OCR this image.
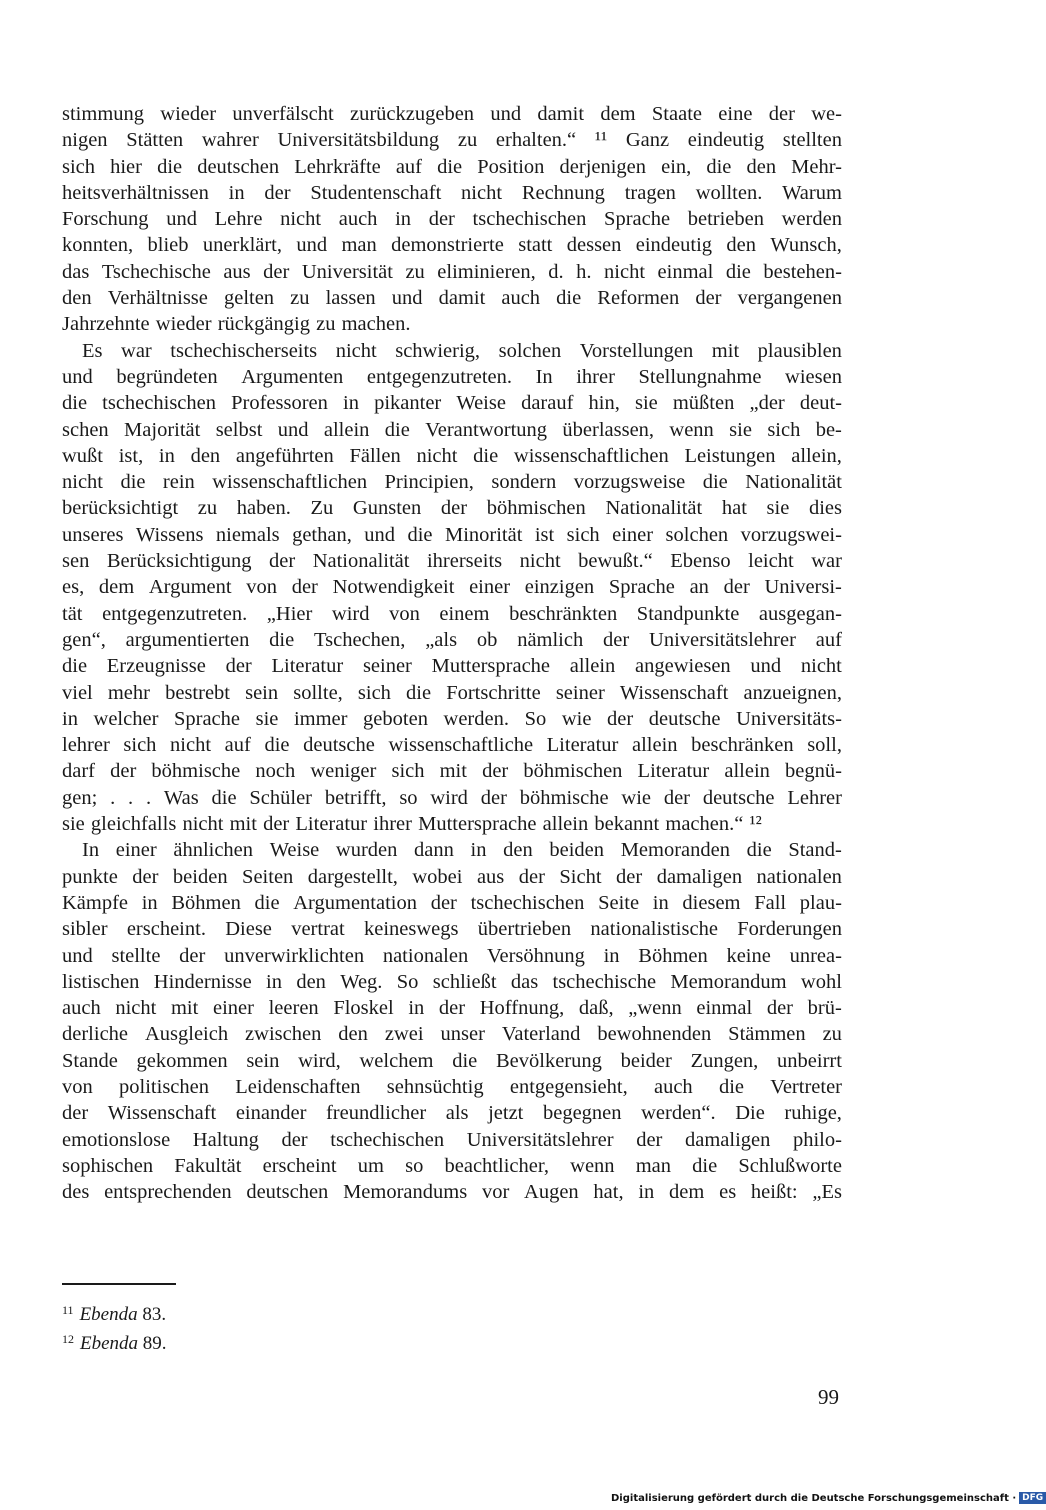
stimmung wieder unverfälscht zurückzugeben und damit dem Staate eine der we-
nigen Stätten wahrer Universitätsbildung zu erhalten.“ ¹¹ Ganz eindeutig stellten
sich hier die deutschen Lehrkräfte auf die Position derjenigen ein, die den Mehr-
heitsverhältnissen in der Studentenschaft nicht Rechnung tragen wollten. Warum
Forschung und Lehre nicht auch in der tschechischen Sprache betrieben werden
konnten, blieb unerklärt, und man demonstrierte statt dessen eindeutig den Wunsch,
das Tschechische aus der Universität zu eliminieren, d. h. nicht einmal die bestehen-
den Verhältnisse gelten zu lassen und damit auch die Reformen der vergangenen
Jahrzehnte wieder rückgängig zu machen.
Es war tschechischerseits nicht schwierig, solchen Vorstellungen mit plausiblen
und begründeten Argumenten entgegenzutreten. In ihrer Stellungnahme wiesen
die tschechischen Professoren in pikanter Weise darauf hin, sie müßten „der deut-
schen Majorität selbst und allein die Verantwortung überlassen, wenn sie sich be-
wußt ist, in den angeführten Fällen nicht die wissenschaftlichen Leistungen allein,
nicht die rein wissenschaftlichen Principien, sondern vorzugsweise die Nationalität
berücksichtigt zu haben. Zu Gunsten der böhmischen Nationalität hat sie dies
unseres Wissens niemals gethan, und die Minorität ist sich einer solchen vorzugswei-
sen Berücksichtigung der Nationalität ihrerseits nicht bewußt.“ Ebenso leicht war
es, dem Argument von der Notwendigkeit einer einzigen Sprache an der Universi-
tät entgegenzutreten. „Hier wird von einem beschränkten Standpunkte ausgegan-
gen“, argumentierten die Tschechen, „als ob nämlich der Universitätslehrer auf
die Erzeugnisse der Literatur seiner Muttersprache allein angewiesen und nicht
viel mehr bestrebt sein sollte, sich die Fortschritte seiner Wissenschaft anzueignen,
in welcher Sprache sie immer geboten werden. So wie der deutsche Universitäts-
lehrer sich nicht auf die deutsche wissenschaftliche Literatur allein beschränken soll,
darf der böhmische noch weniger sich mit der böhmischen Literatur allein begnü-
gen; . . . Was die Schüler betrifft, so wird der böhmische wie der deutsche Lehrer
sie gleichfalls nicht mit der Literatur ihrer Muttersprache allein bekannt machen.“ ¹²
In einer ähnlichen Weise wurden dann in den beiden Memoranden die Stand-
punkte der beiden Seiten dargestellt, wobei aus der Sicht der damaligen nationalen
Kämpfe in Böhmen die Argumentation der tschechischen Seite in diesem Fall plau-
sibler erscheint. Diese vertrat keineswegs übertrieben nationalistische Forderungen
und stellte der unverwirklichten nationalen Versöhnung in Böhmen keine unrea-
listischen Hindernisse in den Weg. So schließt das tschechische Memorandum wohl
auch nicht mit einer leeren Floskel in der Hoffnung, daß, „wenn einmal der brü-
derliche Ausgleich zwischen den zwei unser Vaterland bewohnenden Stämmen zu
Stande gekommen sein wird, welchem die Bevölkerung beider Zungen, unbeirrt
von politischen Leidenschaften sehnsüchtig entgegensieht, auch die Vertreter
der Wissenschaft einander freundlicher als jetzt begegnen werden“. Die ruhige,
emotionslose Haltung der tschechischen Universitätslehrer der damaligen philo-
sophischen Fakultät erscheint um so beachtlicher, wenn man die Schlußworte
des entsprechenden deutschen Memorandums vor Augen hat, in dem es heißt: „Es
$^{11}$ Ebenda 83.
$^{12}$ Ebenda 89.
99
Digitalisierung gefördert durch die Deutsche Forschungsgemeinschaft · DFG
